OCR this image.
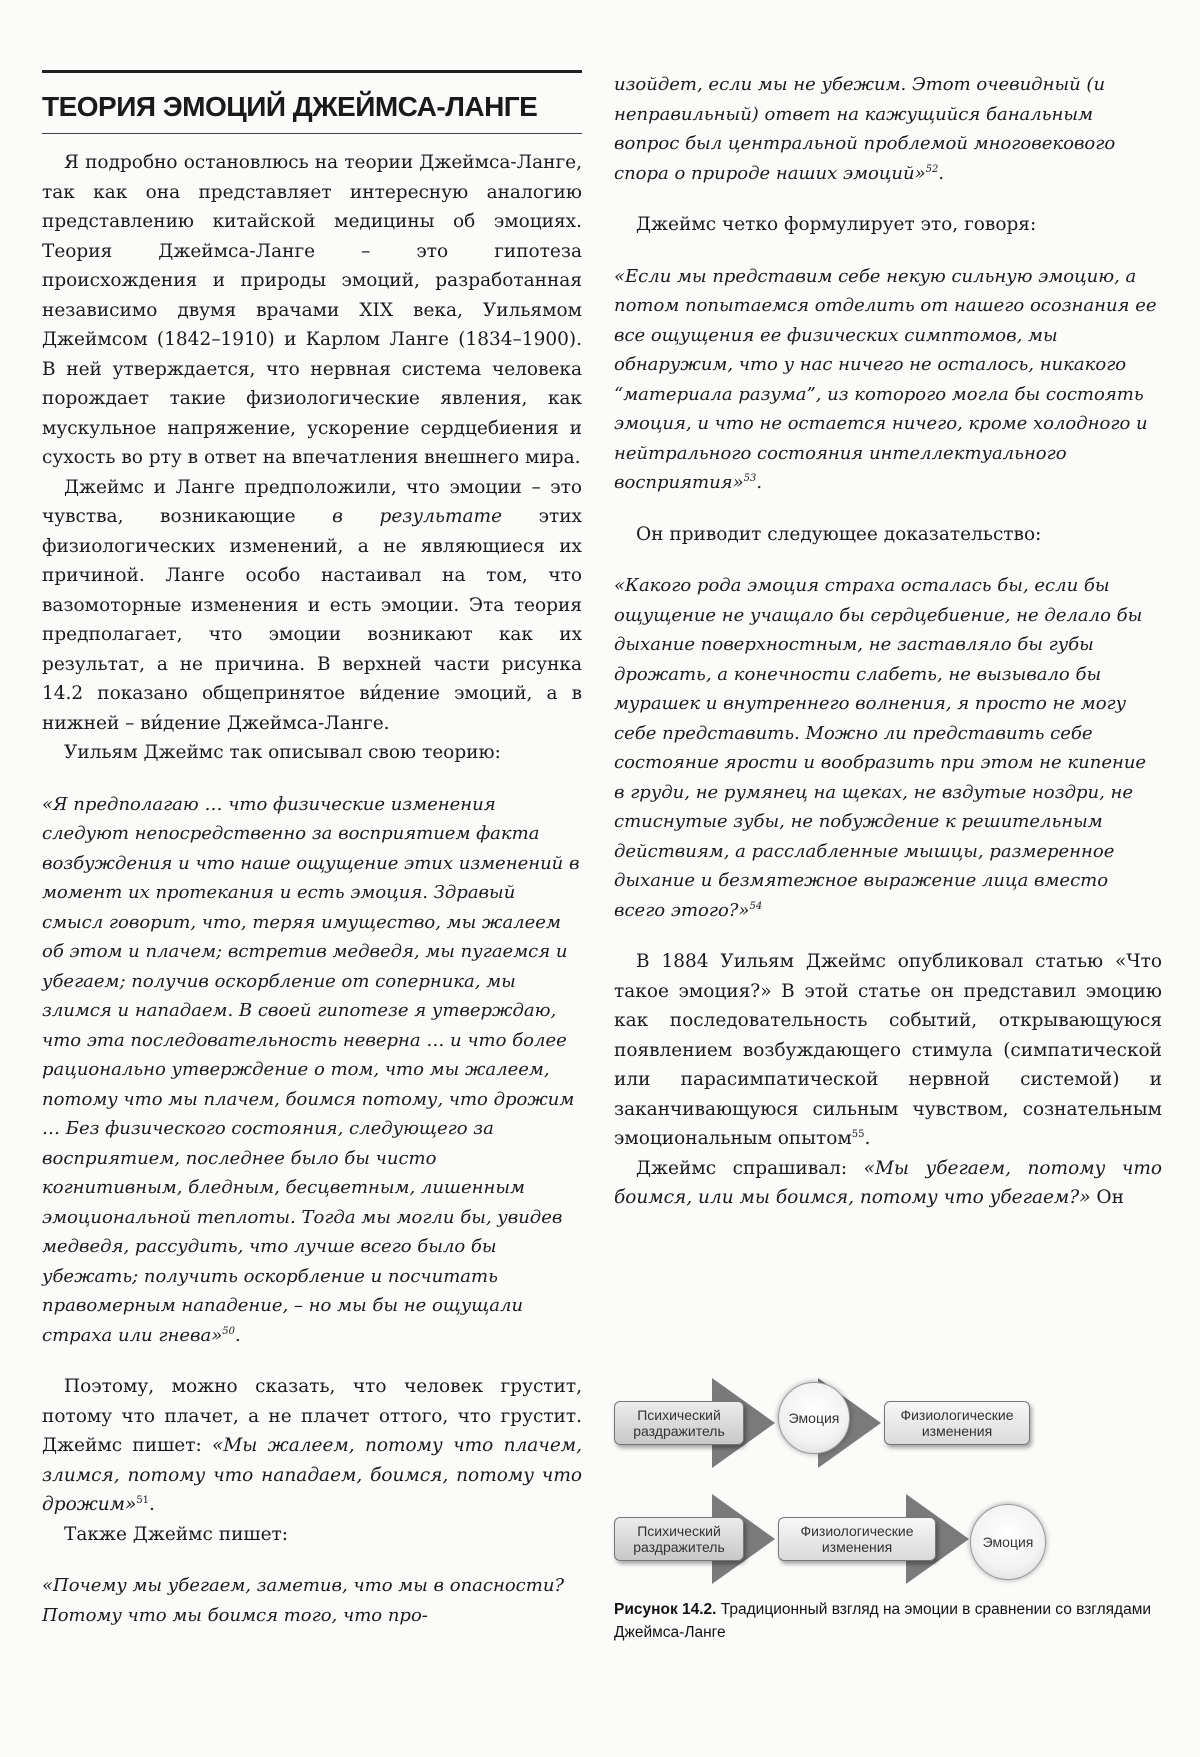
ТЕОРИЯ ЭМОЦИЙ ДЖЕЙМСА-ЛАНГЕ

Я подробно остановлюсь на теории Джеймса-Ланге, так как она представляет интересную аналогию представлению китайской медицины об эмоциях. Теория Джеймса-Ланге – это гипотеза происхождения и природы эмоций, разработанная независимо двумя врачами XIX века, Уильямом Джеймсом (1842–1910) и Карлом Ланге (1834–1900). В ней утверждается, что нервная система человека порождает такие физиологические явления, как мускульное напряжение, ускорение сердцебиения и сухость во рту в ответ на впечатления внешнего мира.

Джеймс и Ланге предположили, что эмоции – это чувства, возникающие в результате этих физиологических изменений, а не являющиеся их причиной. Ланге особо настаивал на том, что вазомоторные изменения и есть эмоции. Эта теория предполагает, что эмоции возникают как их результат, а не причина. В верхней части рисунка 14.2 показано общепринятое ви́дение эмоций, а в нижней – ви́дение Джеймса-Ланге.

Уильям Джеймс так описывал свою теорию:

«Я предполагаю … что физические изменения следуют непосредственно за восприятием факта возбуждения и что наше ощущение этих изменений в момент их протекания и есть эмоция. Здравый смысл говорит, что, теряя имущество, мы жалеем об этом и плачем; встретив медведя, мы пугаемся и убегаем; получив оскорбление от соперника, мы злимся и нападаем. В своей гипотезе я утверждаю, что эта последовательность неверна … и что более рационально утверждение о том, что мы жалеем, потому что мы плачем, боимся потому, что дрожим … Без физического состояния, следующего за восприятием, последнее было бы чисто когнитивным, бледным, бесцветным, лишенным эмоциональной теплоты. Тогда мы могли бы, увидев медведя, рассудить, что лучше всего было бы убежать; получить оскорбление и посчитать правомерным нападение, – но мы бы не ощущали страха или гнева»$^{50}$.

Поэтому, можно сказать, что человек грустит, потому что плачет, а не плачет оттого, что грустит. Джеймс пишет: «Мы жалеем, потому что плачем, злимся, потому что нападаем, боимся, потому что дрожим»$^{51}$.

Также Джеймс пишет:

«Почему мы убегаем, заметив, что мы в опасности? Потому что мы боимся того, что про-

изойдет, если мы не убежим. Этот очевидный (и неправильный) ответ на кажущийся банальным вопрос был центральной проблемой многовекового спора о природе наших эмоций»$^{52}$.

Джеймс четко формулирует это, говоря:

«Если мы представим себе некую сильную эмоцию, а потом попытаемся отделить от нашего осознания ее все ощущения ее физических симптомов, мы обнаружим, что у нас ничего не осталось, никакого “материала разума”, из которого могла бы состоять эмоция, и что не остается ничего, кроме холодного и нейтрального состояния интеллектуального восприятия»$^{53}$.

Он приводит следующее доказательство:

«Какого рода эмоция страха осталась бы, если бы ощущение не учащало бы сердцебиение, не делало бы дыхание поверхностным, не заставляло бы губы дрожать, а конечности слабеть, не вызывало бы мурашек и внутреннего волнения, я просто не могу себе представить. Можно ли представить себе состояние ярости и вообразить при этом не кипение в груди, не румянец на щеках, не вздутые ноздри, не стиснутые зубы, не побуждение к решительным действиям, а расслабленные мышцы, размеренное дыхание и безмятежное выражение лица вместо всего этого?»$^{54}$

В 1884 Уильям Джеймс опубликовал статью «Что такое эмоция?» В этой статье он представил эмоцию как последовательность событий, открывающуюся появлением возбуждающего стимула (симпатической или парасимпатической нервной системой) и заканчивающуюся сильным чувством, сознательным эмоциональным опытом$^{55}$.

Джеймс спрашивал: «Мы убегаем, потому что боимся, или мы боимся, потому что убегаем?» Он

Психический раздражитель
Эмоция	Физиологические изменения
Психический раздражитель
Физиологические изменения	Эмоция
Рисунок 14.2. Традиционный взгляд на эмоции в сравнении со взглядами Джеймса-Ланге
